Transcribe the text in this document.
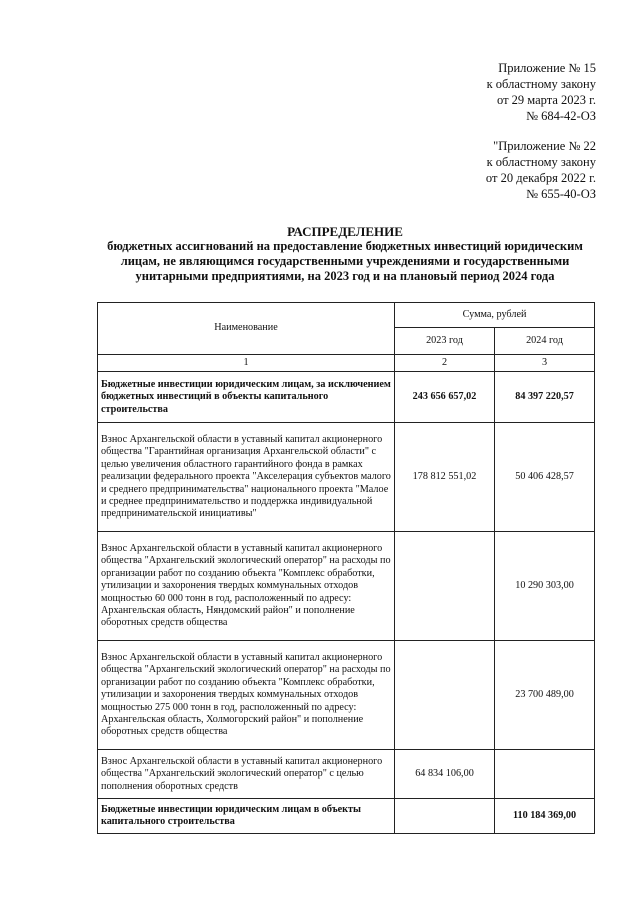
Приложение № 15
к областному закону
от 29 марта 2023 г.
№ 684-42-ОЗ
"Приложение № 22
к областному закону
от 20 декабря 2022 г.
№ 655-40-ОЗ
РАСПРЕДЕЛЕНИЕ
бюджетных ассигнований на предоставление бюджетных инвестиций юридическим
лицам, не являющимся государственными учреждениями и государственными
унитарными предприятиями, на 2023 год и на плановый период 2024 года
Наименование	Сумма, рублей	
	2023 год	2024 год
1	2	3
Бюджетные инвестиции юридическим лицам, за исключением бюджетных инвестиций в объекты капитального строительства	243 656 657,02	84 397 220,57
Взнос Архангельской области в уставный капитал акционерного общества "Гарантийная организация Архангельской области" с целью увеличения областного гарантийного фонда в рамках реализации федерального проекта "Акселерация субъектов малого и среднего предпринимательства" национального проекта "Малое и среднее предпринимательство и поддержка индивидуальной предпринимательской инициативы"	178 812 551,02	50 406 428,57
Взнос Архангельской области в уставный капитал акционерного общества "Архангельский экологический оператор" на расходы по организации работ по созданию объекта "Комплекс обработки, утилизации и захоронения твердых коммунальных отходов мощностью 60 000 тонн в год, расположенный по адресу: Архангельская область, Няндомский район" и пополнение оборотных средств общества		10 290 303,00
Взнос Архангельской области в уставный капитал акционерного общества "Архангельский экологический оператор" на расходы по организации работ по созданию объекта "Комплекс обработки, утилизации и захоронения твердых коммунальных отходов мощностью 275 000 тонн в год, расположенный по адресу: Архангельская область, Холмогорский район" и пополнение оборотных средств общества		23 700 489,00
Взнос Архангельской области в уставный капитал акционерного общества "Архангельский экологический оператор" с целью пополнения оборотных средств	64 834 106,00	
Бюджетные инвестиции юридическим лицам в объекты капитального строительства		110 184 369,00
